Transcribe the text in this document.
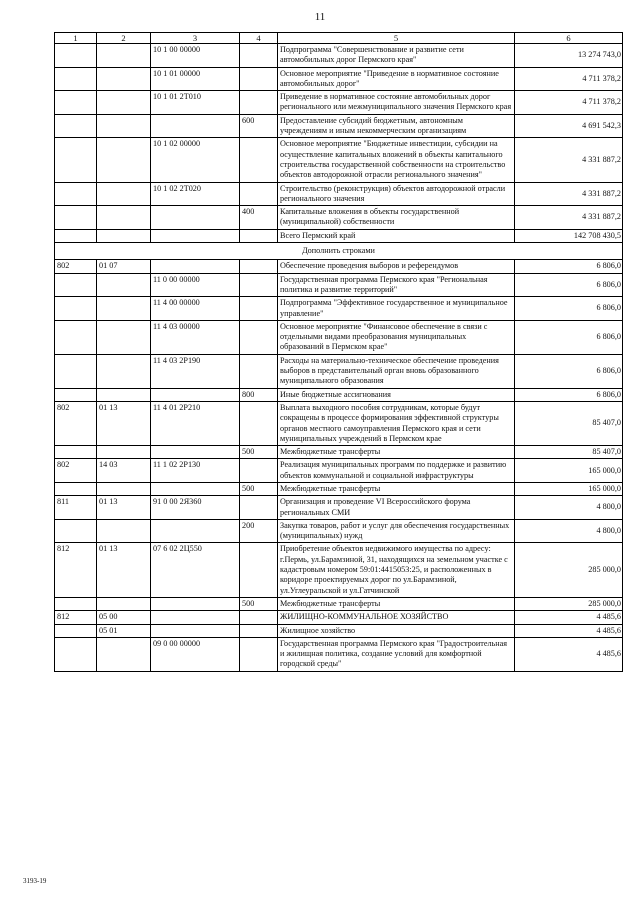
11
1	2	3	4	5	6
		10 1 00 00000		Подпрограмма "Совершенствование и развитие сети автомобильных дорог Пермского края"	13 274 743,0
		10 1 01 00000		Основное мероприятие "Приведение в нормативное состояние автомобильных дорог"	4 711 378,2
		10 1 01 2Т010		Приведение в нормативное состояние автомобильных дорог регионального или межмуниципального значения Пермского края	4 711 378,2
			600	Предоставление субсидий бюджетным, автономным учреждениям и иным некоммерческим организациям	4 691 542,3
		10 1 02 00000		Основное мероприятие "Бюджетные инвестиции, субсидии на осуществление капитальных вложений в объекты капитального строительства государственной собственности на строительство объектов автодорожной отрасли регионального значения"	4 331 887,2
		10 1 02 2Т020		Строительство (реконструкция) объектов автодорожной отрасли регионального значения	4 331 887,2
			400	Капитальные вложения в объекты государственной (муниципальной) собственности	4 331 887,2
				Всего Пермский край	142 708 430,5
Дополнить строками					
802	01 07			Обеспечение проведения выборов и референдумов	6 806,0
		11 0 00 00000		Государственная программа Пермского края "Региональная политика и развитие территорий"	6 806,0
		11 4 00 00000		Подпрограмма "Эффективное государственное и муниципальное управление"	6 806,0
		11 4 03 00000		Основное мероприятие "Финансовое обеспечение в связи с отдельными видами преобразования муниципальных образований в Пермском крае"	6 806,0
		11 4 03 2Р190		Расходы на материально-техническое обеспечение проведения выборов в представительный орган вновь образованного муниципального образования	6 806,0
			800	Иные бюджетные ассигнования	6 806,0
802	01 13	11 4 01 2Р210		Выплата выходного пособия сотрудникам, которые будут сокращены в процессе формирования эффективной структуры органов местного самоуправления Пермского края и сети муниципальных учреждений в Пермском крае	85 407,0
			500	Межбюджетные трансферты	85 407,0
802	14 03	11 1 02 2Р130		Реализация муниципальных программ по поддержке и развитию объектов коммунальной и социальной инфраструктуры	165 000,0
			500	Межбюджетные трансферты	165 000,0
811	01 13	91 0 00 2Я360		Организация и проведение VI Всероссийского форума региональных СМИ	4 800,0
			200	Закупка товаров, работ и услуг для обеспечения государственных (муниципальных) нужд	4 800,0
812	01 13	07 6 02 2Ц550		Приобретение объектов недвижимого имущества по адресу: г.Пермь, ул.Барамзиной, 31, находящихся на земельном участке с кадастровым номером 59:01:4415053:25, и расположенных в коридоре проектируемых дорог по ул.Барамзиной, ул.Углеуральской и ул.Гатчинской	285 000,0
			500	Межбюджетные трансферты	285 000,0
812	05 00			ЖИЛИЩНО-КОММУНАЛЬНОЕ ХОЗЯЙСТВО	4 485,6
	05 01			Жилищное хозяйство	4 485,6
		09 0 00 00000		Государственная программа Пермского края "Градостроительная и жилищная политика, создание условий для комфортной городской среды"	4 485,6
3193-19
